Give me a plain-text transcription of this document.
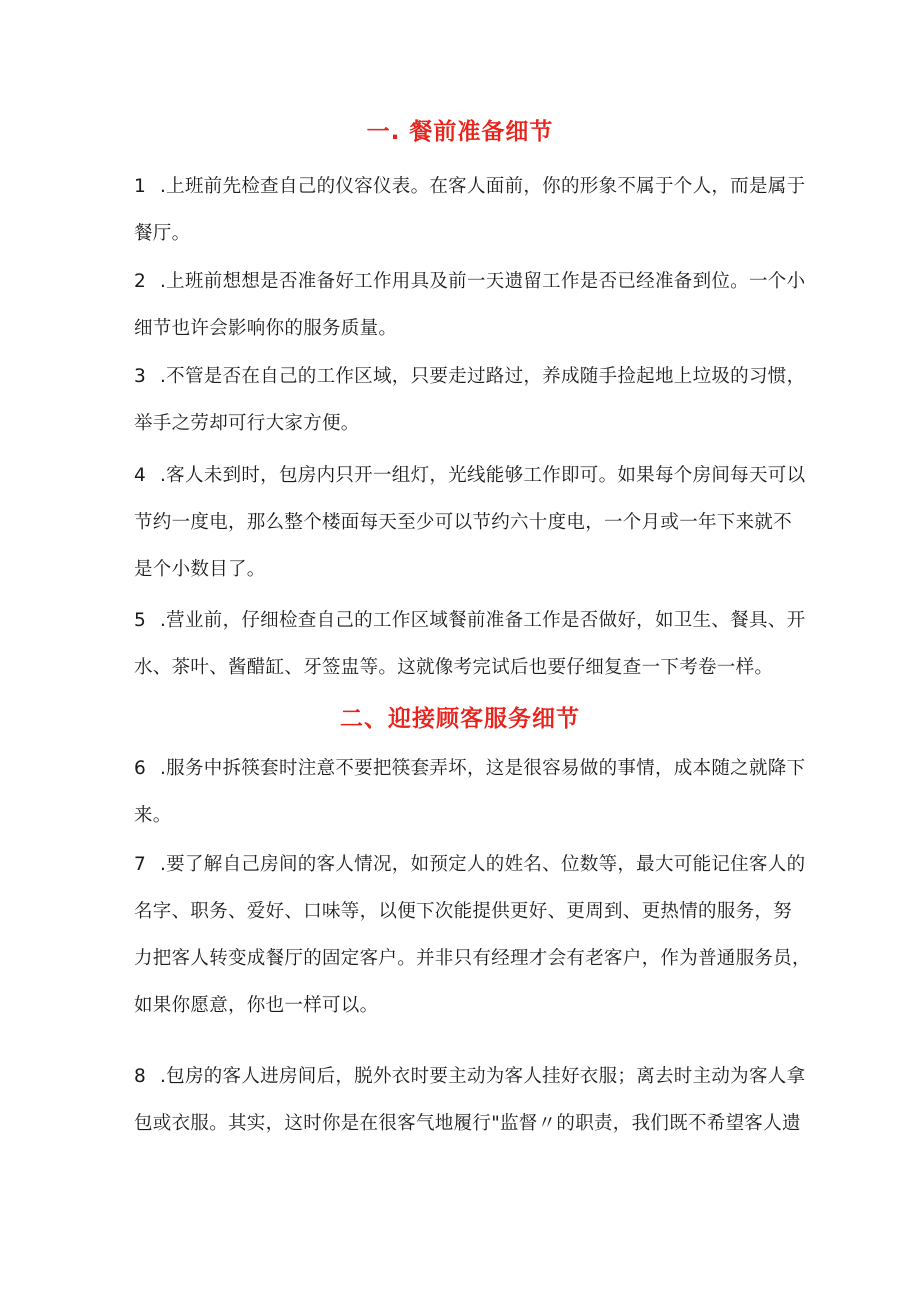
一. 餐前准备细节
1 .上班前先检查自己的仪容仪表。在客人面前，你的形象不属于个人，而是属于
餐厅。
2 .上班前想想是否准备好工作用具及前一天遗留工作是否已经准备到位。一个小
细节也许会影响你的服务质量。
3 .不管是否在自己的工作区域，只要走过路过，养成随手捡起地上垃圾的习惯，
举手之劳却可行大家方便。
4 .客人未到时，包房内只开一组灯，光线能够工作即可。如果每个房间每天可以
节约一度电，那么整个楼面每天至少可以节约六十度电，一个月或一年下来就不
是个小数目了。
5 .营业前，仔细检查自己的工作区域餐前准备工作是否做好，如卫生、餐具、开
水、茶叶、酱醋缸、牙签盅等。这就像考完试后也要仔细复查一下考卷一样。
二、迎接顾客服务细节
6 .服务中拆筷套时注意不要把筷套弄坏，这是很容易做的事情，成本随之就降下
来。
7 .要了解自己房间的客人情况，如预定人的姓名、位数等，最大可能记住客人的
名字、职务、爱好、口味等，以便下次能提供更好、更周到、更热情的服务，努
力把客人转变成餐厅的固定客户。并非只有经理才会有老客户，作为普通服务员，
如果你愿意，你也一样可以。
8 .包房的客人进房间后，脱外衣时要主动为客人挂好衣服；离去时主动为客人拿
包或衣服。其实，这时你是在很客气地履行"监督〃的职责，我们既不希望客人遗
